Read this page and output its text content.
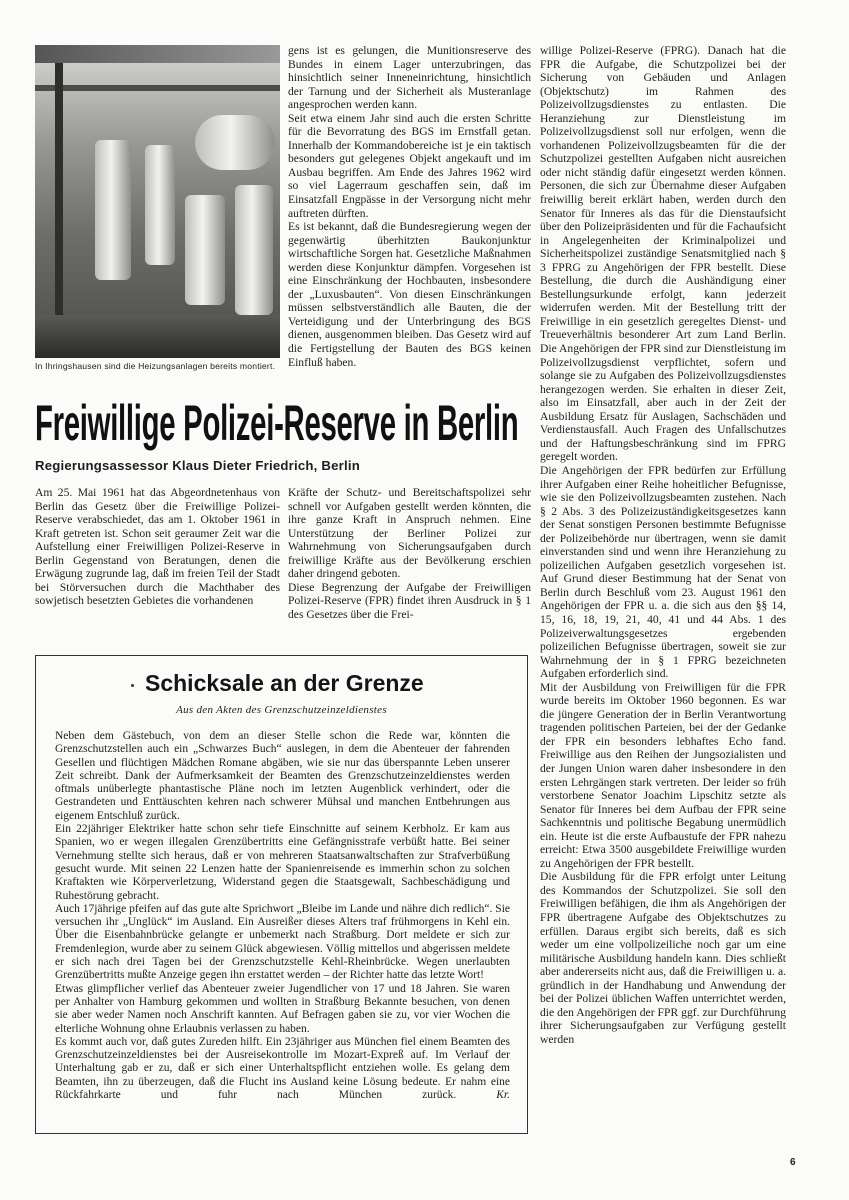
In Ihringshausen sind die Heizungsanlagen bereits montiert.

gens ist es gelungen, die Munitionsreserve des Bundes in einem Lager unterzubringen, das hinsichtlich seiner Inneneinrichtung, hinsichtlich der Tarnung und der Sicherheit als Musteranlage angesprochen werden kann.

Seit etwa einem Jahr sind auch die ersten Schritte für die Bevorratung des BGS im Ernstfall getan. Innerhalb der Kommandobereiche ist je ein taktisch besonders gut gelegenes Objekt angekauft und im Ausbau begriffen. Am Ende des Jahres 1962 wird so viel Lagerraum geschaffen sein, daß im Einsatzfall Engpässe in der Versorgung nicht mehr auftreten dürften.

Es ist bekannt, daß die Bundesregierung wegen der gegenwärtig überhitzten Baukonjunktur wirtschaftliche Sorgen hat. Gesetzliche Maßnahmen werden diese Konjunktur dämpfen. Vorgesehen ist eine Einschränkung der Hochbauten, insbesondere der „Luxusbauten“. Von diesen Einschränkungen müssen selbstverständlich alle Bauten, die der Verteidigung und der Unterbringung des BGS dienen, ausgenommen bleiben. Das Gesetz wird auf die Fertigstellung der Bauten des BGS keinen Einfluß haben.

Freiwillige Polizei-Reserve in Berlin
Regierungsassessor Klaus Dieter Friedrich, Berlin

Am 25. Mai 1961 hat das Abgeordnetenhaus von Berlin das Gesetz über die Freiwillige Polizei-Reserve verabschiedet, das am 1. Oktober 1961 in Kraft getreten ist. Schon seit geraumer Zeit war die Aufstellung einer Freiwilligen Polizei-Reserve in Berlin Gegenstand von Beratungen, denen die Erwägung zugrunde lag, daß im freien Teil der Stadt bei Störversuchen durch die Machthaber des sowjetisch besetzten Gebietes die vorhandenen

Kräfte der Schutz- und Bereitschaftspolizei sehr schnell vor Aufgaben gestellt werden könnten, die ihre ganze Kraft in Anspruch nehmen. Eine Unterstützung der Berliner Polizei zur Wahrnehmung von Sicherungsaufgaben durch freiwillige Kräfte aus der Bevölkerung erschien daher dringend geboten.

Diese Begrenzung der Aufgabe der Freiwilligen Polizei-Reserve (FPR) findet ihren Ausdruck in § 1 des Gesetzes über die Frei-

willige Polizei-Reserve (FPRG). Danach hat die FPR die Aufgabe, die Schutzpolizei bei der Sicherung von Gebäuden und Anlagen (Objektschutz) im Rahmen des Polizeivollzugsdienstes zu entlasten. Die Heranziehung zur Dienstleistung im Polizeivollzugsdienst soll nur erfolgen, wenn die vorhandenen Polizeivollzugsbeamten für die der Schutzpolizei gestellten Aufgaben nicht ausreichen oder nicht ständig dafür eingesetzt werden können. Personen, die sich zur Übernahme dieser Aufgaben freiwillig bereit erklärt haben, werden durch den Senator für Inneres als das für die Dienstaufsicht über den Polizeipräsidenten und für die Fachaufsicht in Angelegenheiten der Kriminalpolizei und Sicherheitspolizei zuständige Senatsmitglied nach § 3 FPRG zu Angehörigen der FPR bestellt. Diese Bestellung, die durch die Aushändigung einer Bestellungsurkunde erfolgt, kann jederzeit widerrufen werden. Mit der Bestellung tritt der Freiwillige in ein gesetzlich geregeltes Dienst- und Treueverhältnis besonderer Art zum Land Berlin. Die Angehörigen der FPR sind zur Dienstleistung im Polizeivollzugsdienst verpflichtet, sofern und solange sie zu Aufgaben des Polizeivollzugsdienstes herangezogen werden. Sie erhalten in dieser Zeit, also im Einsatzfall, aber auch in der Zeit der Ausbildung Ersatz für Auslagen, Sachschäden und Verdienstausfall. Auch Fragen des Unfallschutzes und der Haftungsbeschränkung sind im FPRG geregelt worden.

Die Angehörigen der FPR bedürfen zur Erfüllung ihrer Aufgaben einer Reihe hoheitlicher Befugnisse, wie sie den Polizeivollzugsbeamten zustehen. Nach § 2 Abs. 3 des Polizeizuständigkeitsgesetzes kann der Senat sonstigen Personen bestimmte Befugnisse der Polizeibehörde nur übertragen, wenn sie damit einverstanden sind und wenn ihre Heranziehung zu polizeilichen Aufgaben gesetzlich vorgesehen ist. Auf Grund dieser Bestimmung hat der Senat von Berlin durch Beschluß vom 23. August 1961 den Angehörigen der FPR u. a. die sich aus den §§ 14, 15, 16, 18, 19, 21, 40, 41 und 44 Abs. 1 des Polizeiverwaltungsgesetzes ergebenden polizeilichen Befugnisse übertragen, soweit sie zur Wahrnehmung der in § 1 FPRG bezeichneten Aufgaben erforderlich sind.

Mit der Ausbildung von Freiwilligen für die FPR wurde bereits im Oktober 1960 begonnen. Es war die jüngere Generation der in Berlin Verantwortung tragenden politischen Parteien, bei der der Gedanke der FPR ein besonders lebhaftes Echo fand. Freiwillige aus den Reihen der Jungsozialisten und der Jungen Union waren daher insbesondere in den ersten Lehrgängen stark vertreten. Der leider so früh verstorbene Senator Joachim Lipschitz setzte als Senator für Inneres bei dem Aufbau der FPR seine Sachkenntnis und politische Begabung unermüdlich ein. Heute ist die erste Aufbaustufe der FPR nahezu erreicht: Etwa 3500 ausgebildete Freiwillige wurden zu Angehörigen der FPR bestellt.

Die Ausbildung für die FPR erfolgt unter Leitung des Kommandos der Schutzpolizei. Sie soll den Freiwilligen befähigen, die ihm als Angehörigen der FPR übertragene Aufgabe des Objektschutzes zu erfüllen. Daraus ergibt sich bereits, daß es sich weder um eine vollpolizeiliche noch gar um eine militärische Ausbildung handeln kann. Dies schließt aber andererseits nicht aus, daß die Freiwilligen u. a. gründlich in der Handhabung und Anwendung der bei der Polizei üblichen Waffen unterrichtet werden, die den Angehörigen der FPR ggf. zur Durchführung ihrer Sicherungsaufgaben zur Verfügung gestellt werden

Schicksale an der Grenze
Aus den Akten des Grenzschutzeinzeldienstes

Neben dem Gästebuch, von dem an dieser Stelle schon die Rede war, könnten die Grenzschutzstellen auch ein „Schwarzes Buch“ auslegen, in dem die Abenteuer der fahrenden Gesellen und flüchtigen Mädchen Romane abgäben, wie sie nur das überspannte Leben unserer Zeit schreibt. Dank der Aufmerksamkeit der Beamten des Grenzschutzeinzeldienstes werden oftmals unüberlegte phantastische Pläne noch im letzten Augenblick verhindert, oder die Gestrandeten und Enttäuschten kehren nach schwerer Mühsal und manchen Entbehrungen aus eigenem Entschluß zurück.

Ein 22jähriger Elektriker hatte schon sehr tiefe Einschnitte auf seinem Kerbholz. Er kam aus Spanien, wo er wegen illegalen Grenzübertritts eine Gefängnisstrafe verbüßt hatte. Bei seiner Vernehmung stellte sich heraus, daß er von mehreren Staatsanwaltschaften zur Strafverbüßung gesucht wurde. Mit seinen 22 Lenzen hatte der Spanienreisende es immerhin schon zu solchen Kraftakten wie Körperverletzung, Widerstand gegen die Staatsgewalt, Sachbeschädigung und Ruhestörung gebracht.

Auch 17jährige pfeifen auf das gute alte Sprichwort „Bleibe im Lande und nähre dich redlich“. Sie versuchen ihr „Unglück“ im Ausland. Ein Ausreißer dieses Alters traf frühmorgens in Kehl ein. Über die Eisenbahnbrücke gelangte er unbemerkt nach Straßburg. Dort meldete er sich zur Fremdenlegion, wurde aber zu seinem Glück abgewiesen. Völlig mittellos und abgerissen meldete er sich nach drei Tagen bei der Grenzschutzstelle Kehl-Rheinbrücke. Wegen unerlaubten Grenzübertritts mußte Anzeige gegen ihn erstattet werden – der Richter hatte das letzte Wort!

Etwas glimpflicher verlief das Abenteuer zweier Jugendlicher von 17 und 18 Jahren. Sie waren per Anhalter von Hamburg gekommen und wollten in Straßburg Bekannte besuchen, von denen sie aber weder Namen noch Anschrift kannten. Auf Befragen gaben sie zu, vor vier Wochen die elterliche Wohnung ohne Erlaubnis verlassen zu haben.

Es kommt auch vor, daß gutes Zureden hilft. Ein 23jähriger aus München fiel einem Beamten des Grenzschutzeinzeldienstes bei der Ausreisekontrolle im Mozart-Expreß auf. Im Verlauf der Unterhaltung gab er zu, daß er sich einer Unterhaltspflicht entziehen wolle. Es gelang dem Beamten, ihn zu überzeugen, daß die Flucht ins Ausland keine Lösung bedeute. Er nahm eine Rückfahrkarte und fuhr nach München zurück.	Kr.

6
